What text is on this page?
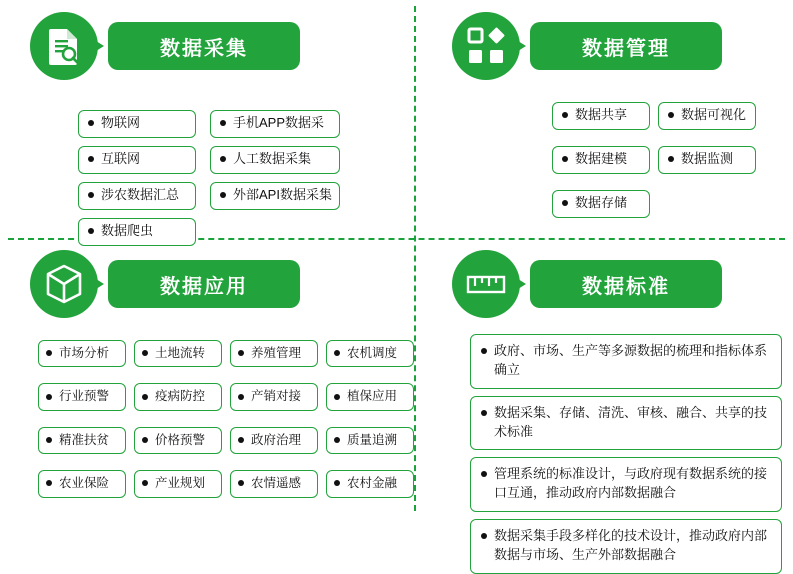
数据采集
物联网
互联网
涉农数据汇总
数据爬虫
手机APP数据采
人工数据采集
外部API数据采集
数据管理
数据共享	数据可视化
数据建模	数据监测
数据存储
数据应用
市场分析	土地流转	养殖管理	农机调度
行业预警	疫病防控	产销对接	植保应用
精准扶贫	价格预警	政府治理	质量追溯
农业保险	产业规划	农情遥感	农村金融
数据标准
政府、市场、生产等多源数据的梳理和指标体系确立
数据采集、存储、清洗、审核、融合、共享的技术标准
管理系统的标准设计，与政府现有数据系统的接口互通，推动政府内部数据融合
数据采集手段多样化的技术设计，推动政府内部数据与市场、生产外部数据融合
